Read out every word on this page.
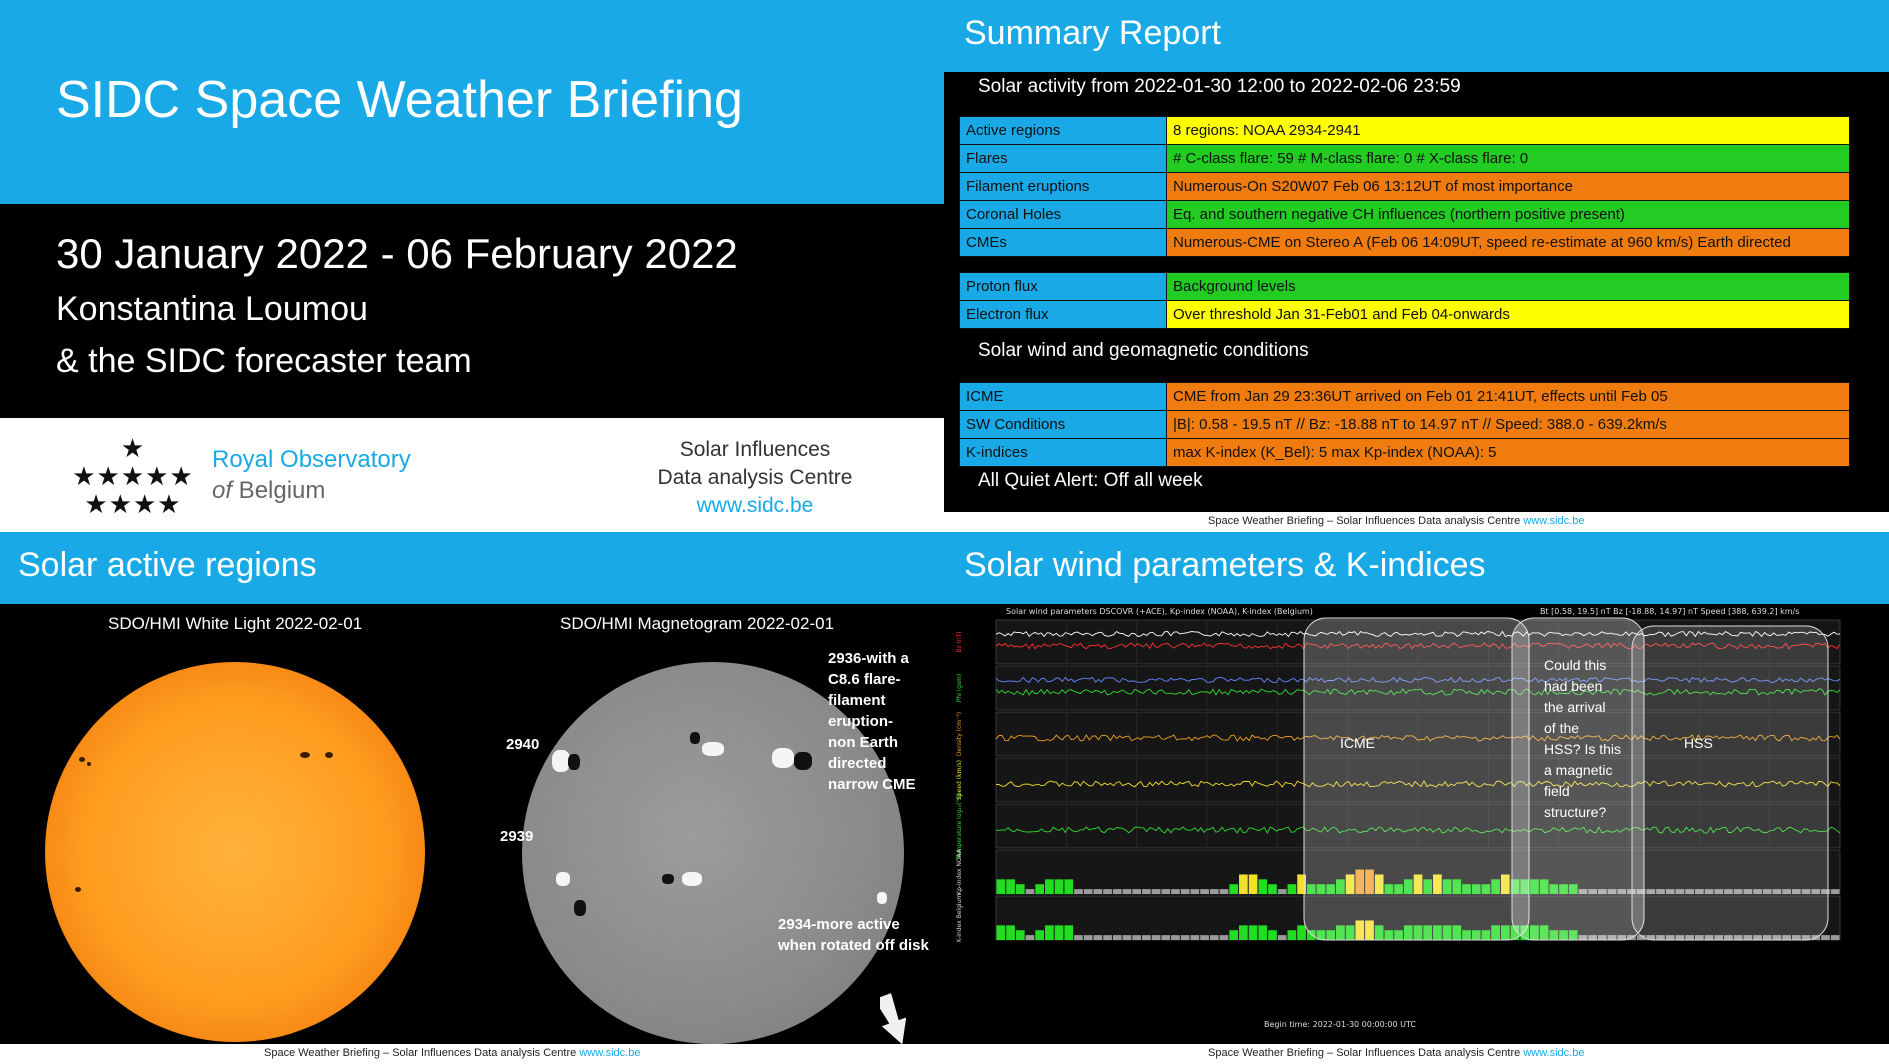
SIDC Space Weather Briefing
30 January 2022 - 06 February 2022
Konstantina Loumou
& the SIDC forecaster team
★
★★★★★
★★★★
Royal Observatory
of Belgium
Solar Influences
Data analysis Centre
www.sidc.be
Summary Report
Solar activity from 2022-01-30 12:00 to 2022-02-06 23:59
Active regions	8 regions: NOAA 2934-2941
Flares	# C-class flare: 59 # M-class flare: 0 # X-class flare: 0
Filament eruptions	Numerous-On S20W07 Feb 06 13:12UT of most importance
Coronal Holes	Eq. and southern negative CH influences (northern positive present)
CMEs	Numerous-CME on Stereo A (Feb 06 14:09UT, speed re-estimate at 960 km/s) Earth directed
Proton flux	Background levels
Electron flux	Over threshold Jan 31-Feb01 and Feb 04-onwards
Solar wind and geomagnetic conditions
ICME	CME from Jan 29 23:36UT arrived on Feb 01 21:41UT, effects until Feb 05
SW Conditions	|B|: 0.58 - 19.5 nT // Bz: -18.88 nT to 14.97 nT // Speed: 388.0 - 639.2km/s
K-indices	max K-index (K_Bel): 5 max Kp-index (NOAA): 5
All Quiet Alert: Off all week
Space Weather Briefing – Solar Influences Data analysis Centre www.sidc.be
Solar active regions
SDO/HMI White Light 2022-02-01	SDO/HMI Magnetogram 2022-02-01
2940
2939
2936-with a
C8.6 flare-
filament
eruption-
non Earth
directed
narrow CME
2934-more active
when rotated off disk
Space Weather Briefing – Solar Influences Data analysis Centre www.sidc.be
Solar wind parameters & K-indices
Solar wind parameters DSCOVR (+ACE), Kp-index (NOAA), K-index (Belgium)	Bt [0.58, 19.5] nT Bz [-18.88, 14.97] nT Speed [388, 639.2] km/s
Bz (nT)
Phi (gsm)
Density (cm⁻³)
Speed (km/s)
Temperature log₁₀(°K)
Kp-index NOAA
K-index Belgium
ICME	HSS
Could this
had been
the arrival
of the
HSS? Is this
a magnetic
field
structure?
Begin time: 2022-01-30 00:00:00 UTC
Space Weather Briefing – Solar Influences Data analysis Centre www.sidc.be
